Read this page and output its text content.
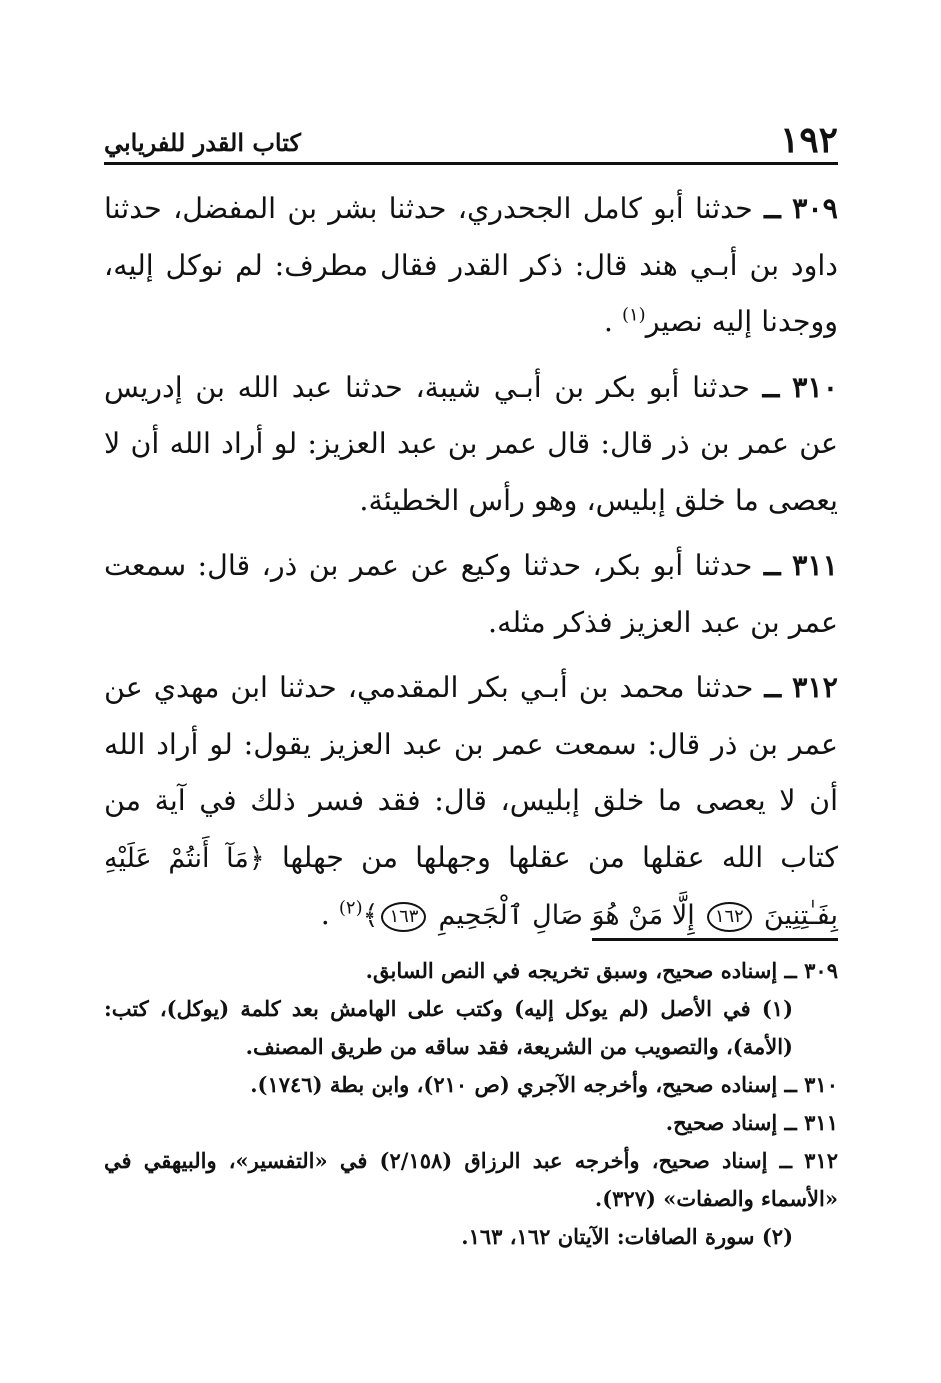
١٩٢
كتاب القدر للفريابي

٣٠٩ ــ حدثنا أبو كامل الجحدري، حدثنا بشر بن المفضل، حدثنا داود بن أبـي هند قال: ذكر القدر فقال مطرف: لم نوكل إليه، ووجدنا إليه نصير$^{(١)}$ .

٣١٠ ــ حدثنا أبو بكر بن أبـي شيبة، حدثنا عبد الله بن إدريس عن عمر بن ذر قال: قال عمر بن عبد العزيز: لو أراد الله أن لا يعصى ما خلق إبليس، وهو رأس الخطيئة.

٣١١ ــ حدثنا أبو بكر، حدثنا وكيع عن عمر بن ذر، قال: سمعت عمر بن عبد العزيز فذكر مثله.

٣١٢ ــ حدثنا محمد بن أبـي بكر المقدمي، حدثنا ابن مهدي عن عمر بن ذر قال: سمعت عمر بن عبد العزيز يقول: لو أراد الله أن لا يعصى ما خلق إبليس، قال: فقد فسر ذلك في آية من كتاب الله عقلها من عقلها وجهلها من جهلها ﴿مَآ أَنتُمْ عَلَيْهِ بِفَـٰتِنِينَ ١٦٢ إِلَّا مَنْ هُوَ صَالِ ٱلْجَحِيمِ ١٦٣﴾$^{(٢)}$ .

٣٠٩ ــ إسناده صحيح، وسبق تخريجه في النص السابق.

(١) في الأصل (لم يوكل إليه) وكتب على الهامش بعد كلمة (يوكل)، كتب: (الأمة)، والتصويب من الشريعة، فقد ساقه من طريق المصنف.

٣١٠ ــ إسناده صحيح، وأخرجه الآجري (ص ٢١٠)، وابن بطة (١٧٤٦).

٣١١ ــ إسناد صحيح.

٣١٢ ــ إسناد صحيح، وأخرجه عبد الرزاق (٢/١٥٨) في «التفسير»، والبيهقي في «الأسماء والصفات» (٣٢٧).

(٢) سورة الصافات: الآيتان ١٦٢، ١٦٣.
